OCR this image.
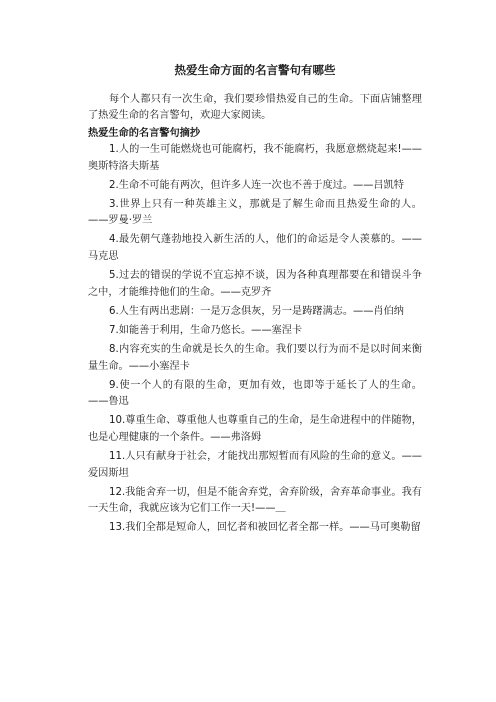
热爱生命方面的名言警句有哪些

每个人都只有一次生命，我们要珍惜热爱自己的生命。下面店铺整理了热爱生命的名言警句，欢迎大家阅读。

热爱生命的名言警句摘抄

1.人的一生可能燃烧也可能腐朽，我不能腐朽，我愿意燃烧起来!——奥斯特洛夫斯基

2.生命不可能有两次，但许多人连一次也不善于度过。——吕凯特

3.世界上只有一种英雄主义，那就是了解生命而且热爱生命的人。——罗曼·罗兰

4.最先朝气蓬勃地投入新生活的人，他们的命运是令人羡慕的。——马克思

5.过去的错误的学说不宜忘掉不谈，因为各种真理都要在和错误斗争之中，才能维持他们的生命。——克罗齐

6.人生有两出悲剧：一是万念俱灰，另一是踌躇满志。——肖伯纳

7.如能善于利用，生命乃悠长。——塞涅卡

8.内容充实的生命就是长久的生命。我们要以行为而不是以时间来衡量生命。——小塞涅卡

9.使一个人的有限的生命，更加有效，也即等于延长了人的生命。——鲁迅

10.尊重生命、尊重他人也尊重自己的生命，是生命进程中的伴随物，也是心理健康的一个条件。——弗洛姆

11.人只有献身于社会，才能找出那短暂而有风险的生命的意义。——爱因斯坦

12.我能舍弃一切，但是不能舍弃党，舍弃阶级，舍弃革命事业。我有一天生命，我就应该为它们工作一天!——＿

13.我们全都是短命人，回忆者和被回忆者全都一样。——马可奥勒留
